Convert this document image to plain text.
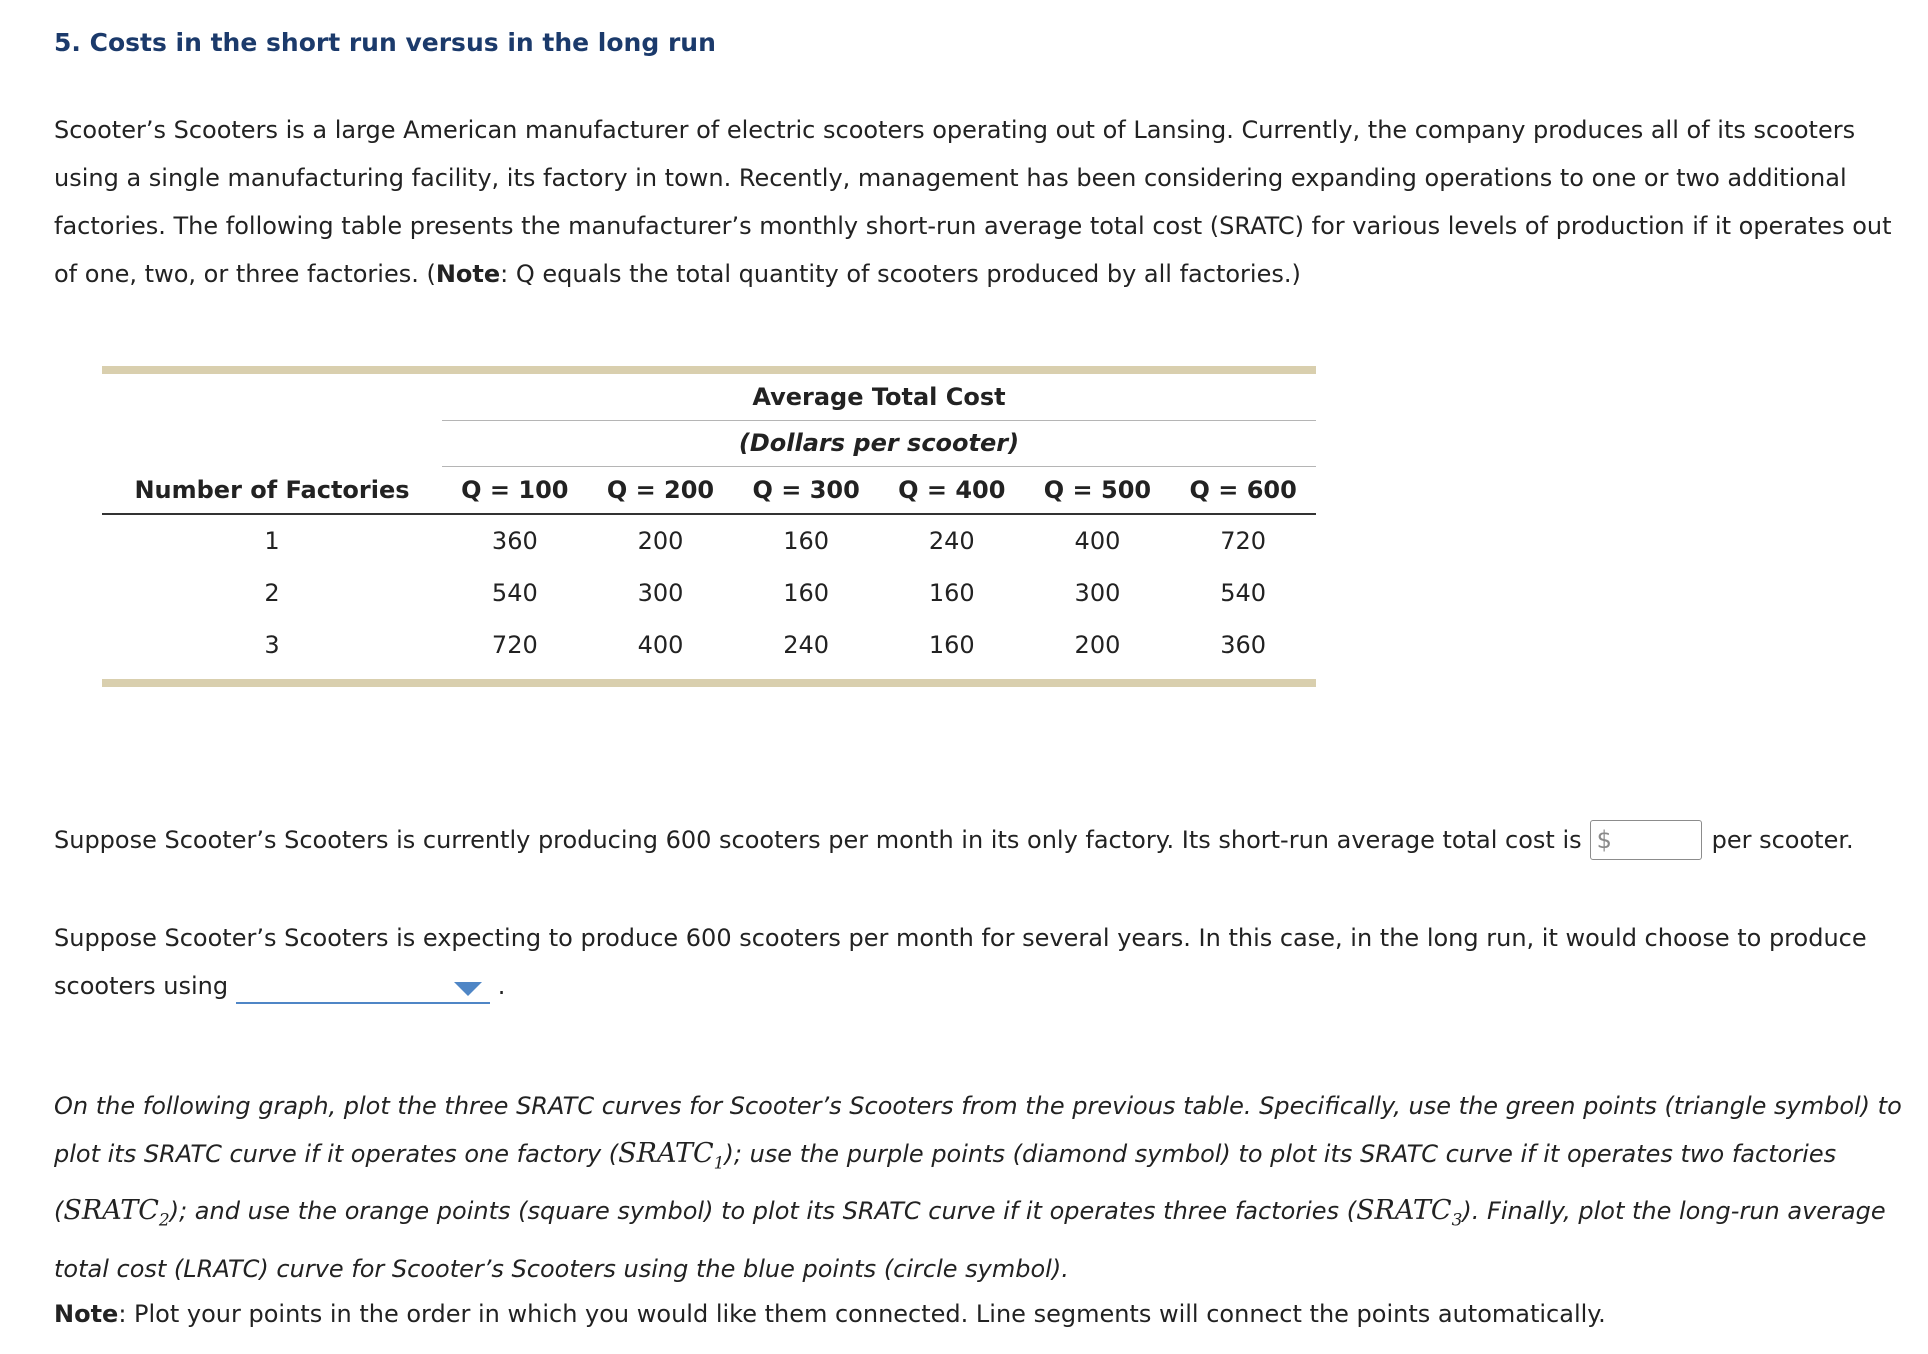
5. Costs in the short run versus in the long run

Scooter’s Scooters is a large American manufacturer of electric scooters operating out of Lansing. Currently, the company produces all of its scooters using a single manufacturing facility, its factory in town. Recently, management has been considering expanding operations to one or two additional factories. The following table presents the manufacturer’s monthly short-run average total cost (SRATC) for various levels of production if it operates out of one, two, or three factories. (Note: Q equals the total quantity of scooters produced by all factories.)

	Average Total Cost					
	(Dollars per scooter)					
Number of Factories	Q = 100	Q = 200	Q = 300	Q = 400	Q = 500	Q = 600
1	360	200	160	240	400	720
2	540	300	160	160	300	540
3	720	400	240	160	200	360
Suppose Scooter’s Scooters is currently producing 600 scooters per month in its only factory. Its short-run average total cost is $	per scooter.

Suppose Scooter’s Scooters is expecting to produce 600 scooters per month for several years. In this case, in the long run, it would choose to produce scooters using	.

On the following graph, plot the three SRATC curves for Scooter’s Scooters from the previous table. Specifically, use the green points (triangle symbol) to plot its SRATC curve if it operates one factory $(SRATC_1)$; use the purple points (diamond symbol) to plot its SRATC curve if it operates two factories $(SRATC_2)$; and use the orange points (square symbol) to plot its SRATC curve if it operates three factories $(SRATC_3)$. Finally, plot the long-run average total cost (LRATC) curve for Scooter’s Scooters using the blue points (circle symbol).

Note: Plot your points in the order in which you would like them connected. Line segments will connect the points automatically.
